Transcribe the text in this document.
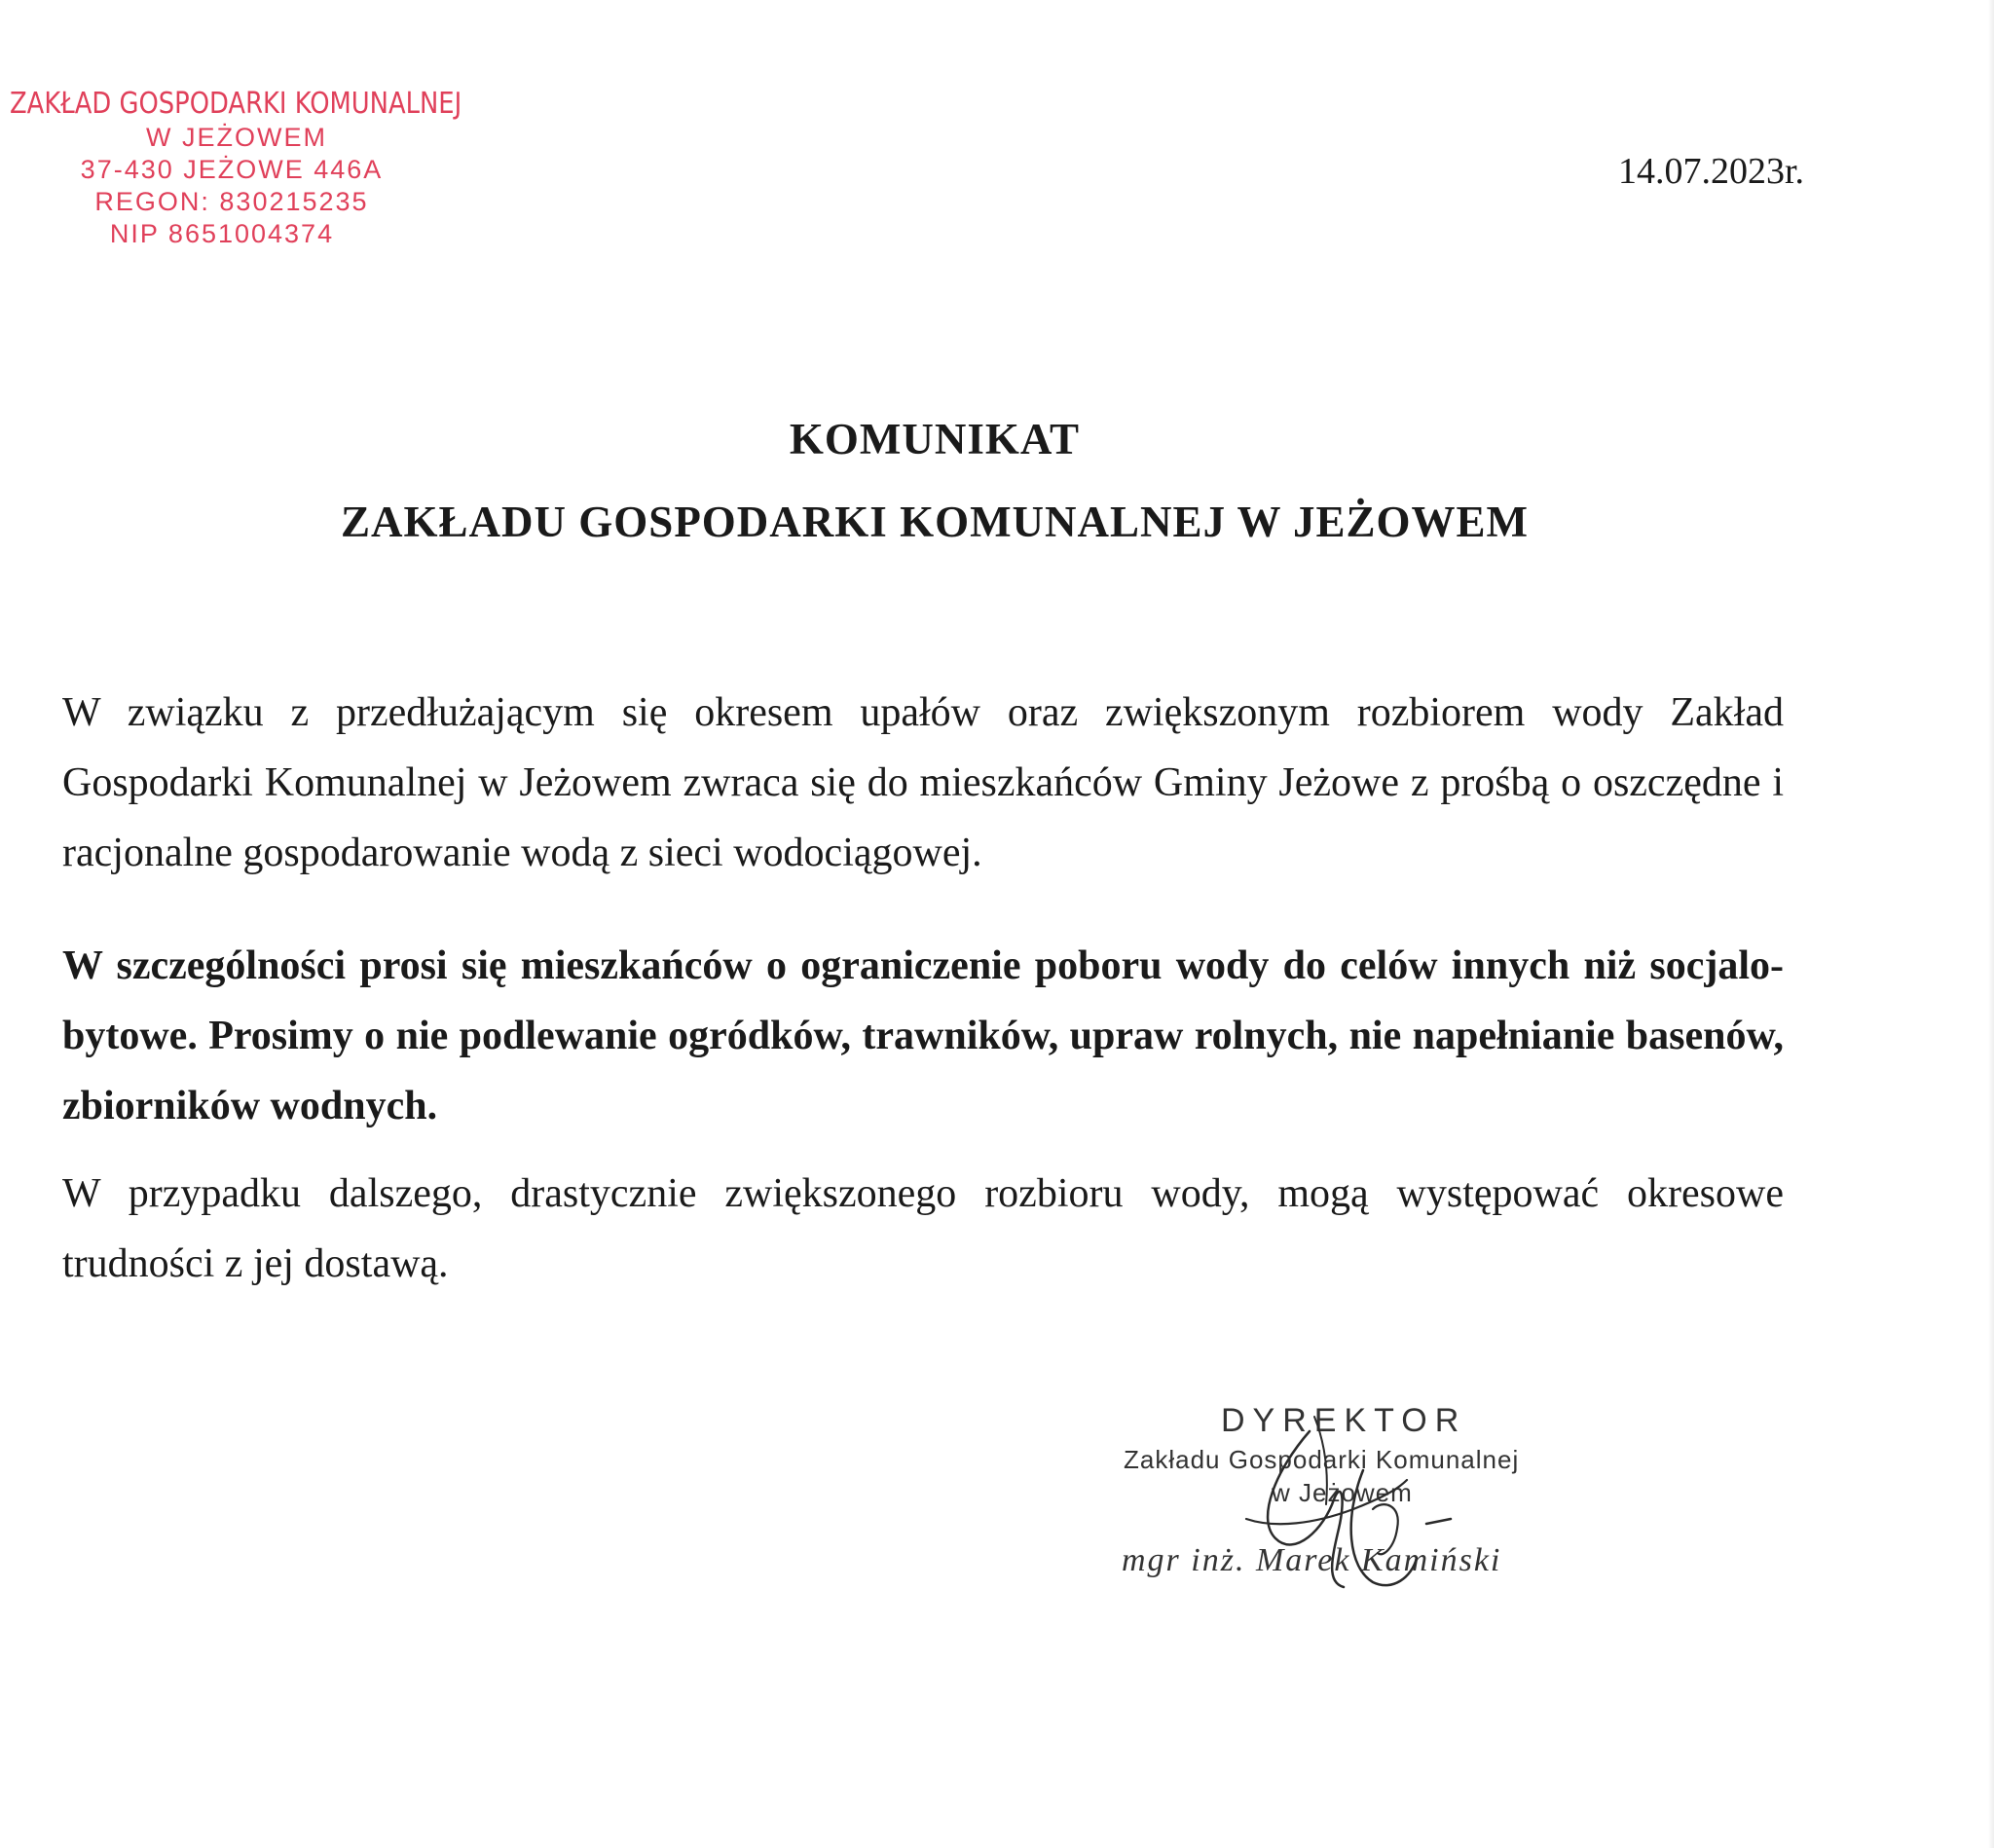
ZAKŁAD GOSPODARKI KOMUNALNEJ
W JEŻOWEM
37-430 JEŻOWE 446A
REGON: 830215235
NIP 8651004374
14.07.2023r.
KOMUNIKAT
ZAKŁADU GOSPODARKI KOMUNALNEJ W JEŻOWEM
W związku z przedłużającym się okresem upałów oraz zwiększonym rozbiorem wody Zakład Gospodarki Komunalnej w Jeżowem zwraca się do mieszkańców Gminy Jeżowe z prośbą o oszczędne i racjonalne gospodarowanie wodą z sieci wodociągowej.
W szczególności prosi się mieszkańców o ograniczenie poboru wody do celów innych niż socjalo-bytowe. Prosimy o nie podlewanie ogródków, trawników, upraw rolnych, nie napełnianie basenów, zbiorników wodnych.
W przypadku dalszego, drastycznie zwiększonego rozbioru wody, mogą występować okresowe trudności z jej dostawą.
DYREKTOR
Zakładu Gospodarki Komunalnej
w Jeżowem
mgr inż. Marek Kamiński
